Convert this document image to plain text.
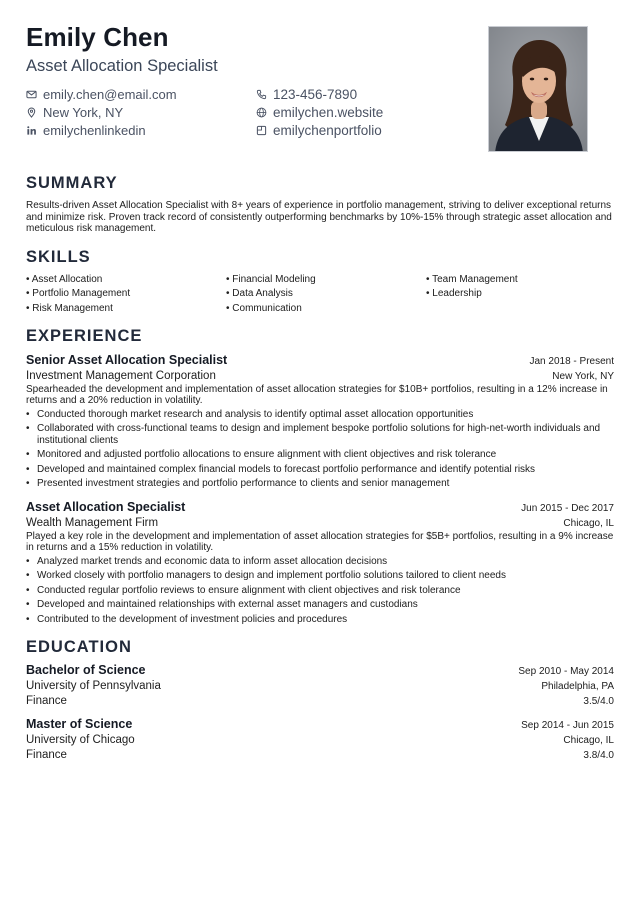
Emily Chen
Asset Allocation Specialist
emily.chen@email.com	123-456-7890
New York, NY	emilychen.website
emilychenlinkedin	emilychenportfolio
SUMMARY
Results-driven Asset Allocation Specialist with 8+ years of experience in portfolio management, striving to deliver exceptional returns and minimize risk. Proven track record of consistently outperforming benchmarks by 10%-15% through strategic asset allocation and meticulous risk management.
SKILLS
• Asset Allocation	• Financial Modeling	• Team Management
• Portfolio Management	• Data Analysis	• Leadership
• Risk Management	• Communication
EXPERIENCE
Senior Asset Allocation Specialist	Jan 2018 - Present
Investment Management Corporation	New York, NY
Spearheaded the development and implementation of asset allocation strategies for $10B+ portfolios, resulting in a 12% increase in returns and a 20% reduction in volatility.
• Conducted thorough market research and analysis to identify optimal asset allocation opportunities
• Collaborated with cross-functional teams to design and implement bespoke portfolio solutions for high-net-worth individuals and institutional clients
• Monitored and adjusted portfolio allocations to ensure alignment with client objectives and risk tolerance
• Developed and maintained complex financial models to forecast portfolio performance and identify potential risks
• Presented investment strategies and portfolio performance to clients and senior management
Asset Allocation Specialist	Jun 2015 - Dec 2017
Wealth Management Firm	Chicago, IL
Played a key role in the development and implementation of asset allocation strategies for $5B+ portfolios, resulting in a 9% increase in returns and a 15% reduction in volatility.
• Analyzed market trends and economic data to inform asset allocation decisions
• Worked closely with portfolio managers to design and implement portfolio solutions tailored to client needs
• Conducted regular portfolio reviews to ensure alignment with client objectives and risk tolerance
• Developed and maintained relationships with external asset managers and custodians
• Contributed to the development of investment policies and procedures
EDUCATION
Bachelor of Science	Sep 2010 - May 2014
University of Pennsylvania	Philadelphia, PA
Finance	3.5/4.0
Master of Science	Sep 2014 - Jun 2015
University of Chicago	Chicago, IL
Finance	3.8/4.0
